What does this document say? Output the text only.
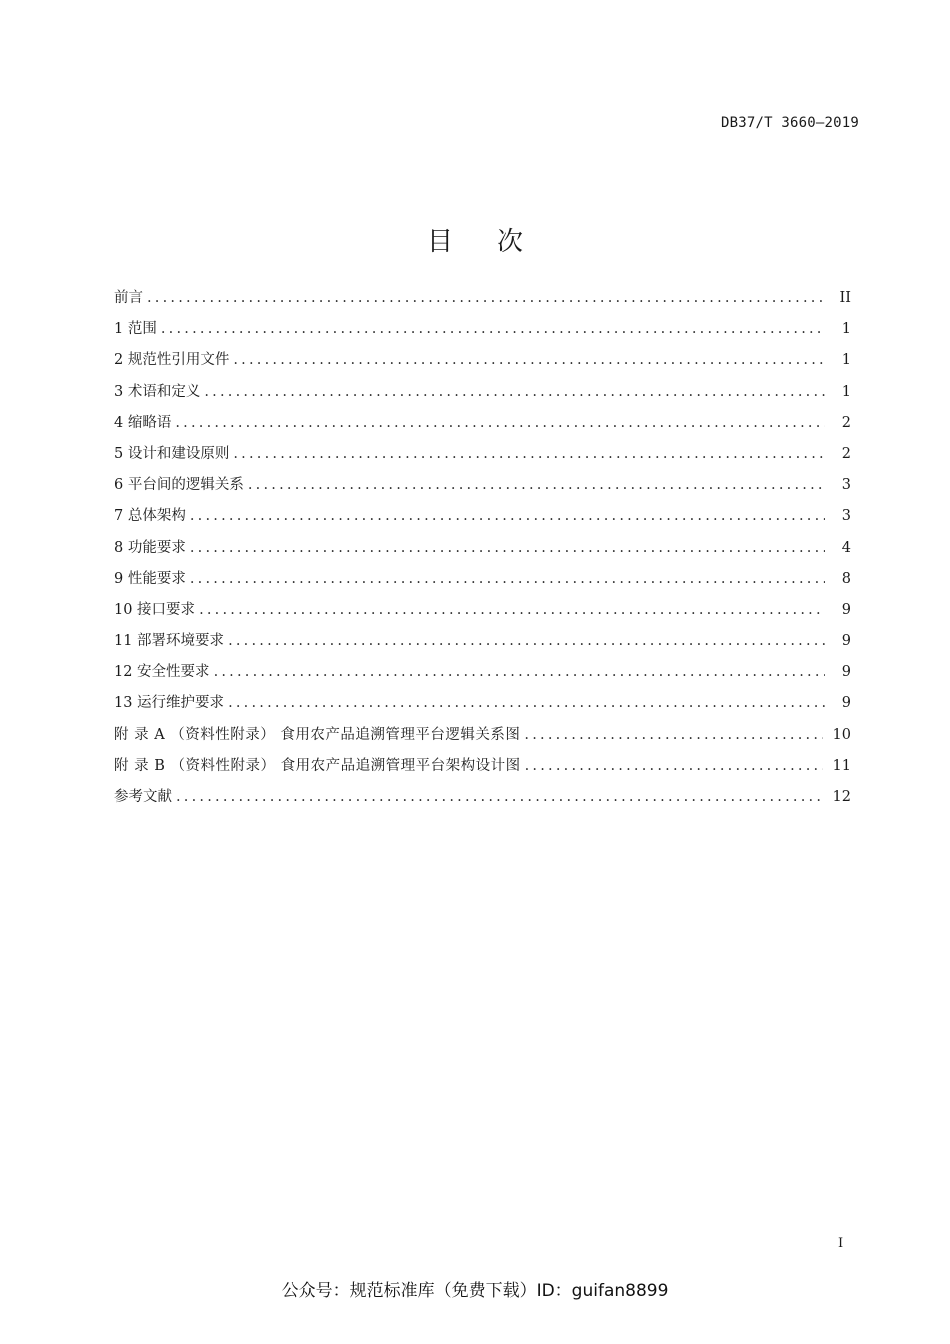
DB37/T 3660—2019
目次
前言 .....	II
1 范围 .....	1
2 规范性引用文件 .....	1
3 术语和定义 .....	1
4 缩略语 .....	2
5 设计和建设原则 .....	2
6 平台间的逻辑关系 .....	3
7 总体架构 .....	3
8 功能要求 .....	4
9 性能要求 .....	8
10 接口要求 .....	9
11 部署环境要求 .....	9
12 安全性要求 .....	9
13 运行维护要求 .....	9
附 录 A （资料性附录） 食用农产品追溯管理平台逻辑关系图 .....	10
附 录 B （资料性附录） 食用农产品追溯管理平台架构设计图 .....	11
参考文献 .....	12
I
公众号：规范标准库（免费下载）ID：guifan8899
